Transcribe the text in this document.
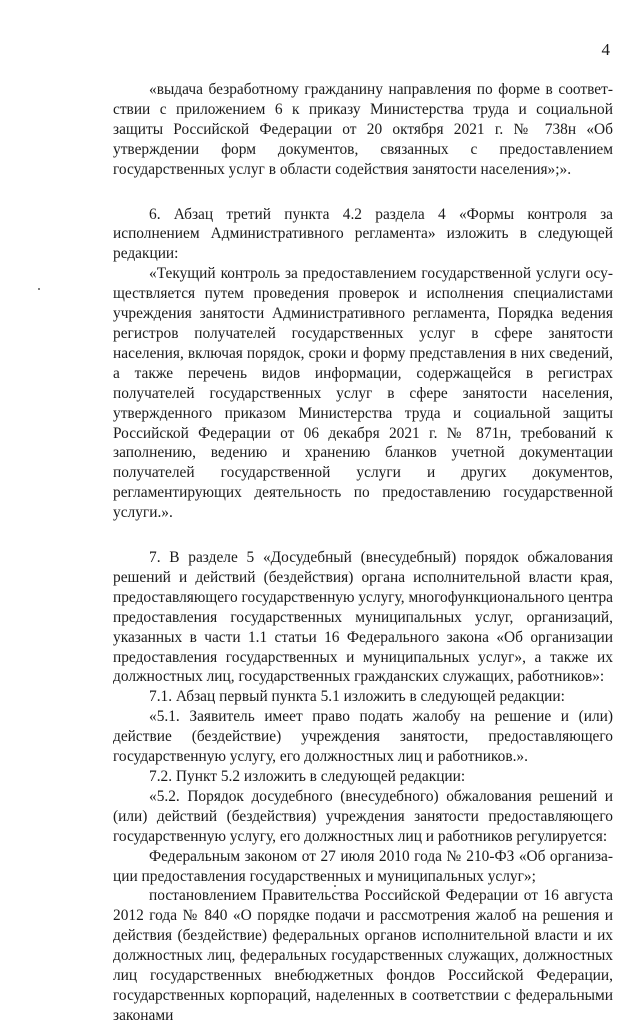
4

«выдача безработному гражданину направления по форме в соответствии с приложением 6 к приказу Министерства труда и социальной защиты Российской Федерации от 20 октября 2021 г. № 738н «Об утверждении форм документов, связанных с предоставлением государственных услуг в области содействия занятости населения»;».

6. Абзац третий пункта 4.2 раздела 4 «Формы контроля за исполнением Административного регламента» изложить в следующей редакции:

«Текущий контроль за предоставлением государственной услуги осуществляется путем проведения проверок и исполнения специалистами учреждения занятости Административного регламента, Порядка ведения регистров получателей государственных услуг в сфере занятости населения, включая порядок, сроки и форму представления в них сведений, а также перечень видов информации, содержащейся в регистрах получателей государственных услуг в сфере занятости населения, утвержденного приказом Министерства труда и социальной защиты Российской Федерации от 06 декабря 2021 г. № 871н, требований к заполнению, ведению и хранению бланков учетной документации получателей государственной услуги и других документов, регламентирующих деятельность по предоставлению государственной услуги.».

7. В разделе 5 «Досудебный (внесудебный) порядок обжалования решений и действий (бездействия) органа исполнительной власти края, предоставляющего государственную услугу, многофункционального центра предоставления государственных муниципальных услуг, организаций, указанных в части 1.1 статьи 16 Федерального закона «Об организации предоставления государственных и муниципальных услуг», а также их должностных лиц, государственных гражданских служащих, работников»:

7.1. Абзац первый пункта 5.1 изложить в следующей редакции:

«5.1. Заявитель имеет право подать жалобу на решение и (или) действие (бездействие) учреждения занятости, предоставляющего государственную услугу, его должностных лиц и работников.».

7.2. Пункт 5.2 изложить в следующей редакции:

«5.2. Порядок досудебного (внесудебного) обжалования решений и (или) действий (бездействия) учреждения занятости предоставляющего государственную услугу, его должностных лиц и работников регулируется:

Федеральным законом от 27 июля 2010 года № 210-ФЗ «Об организации предоставления государственных и муниципальных услуг»;

постановлением Правительства Российской Федерации от 16 августа 2012 года № 840 «О порядке подачи и рассмотрения жалоб на решения и действия (бездействие) федеральных органов исполнительной власти и их должностных лиц, федеральных государственных служащих, должностных лиц государственных внебюджетных фондов Российской Федерации, государственных корпораций, наделенных в соответствии с федеральными законами
